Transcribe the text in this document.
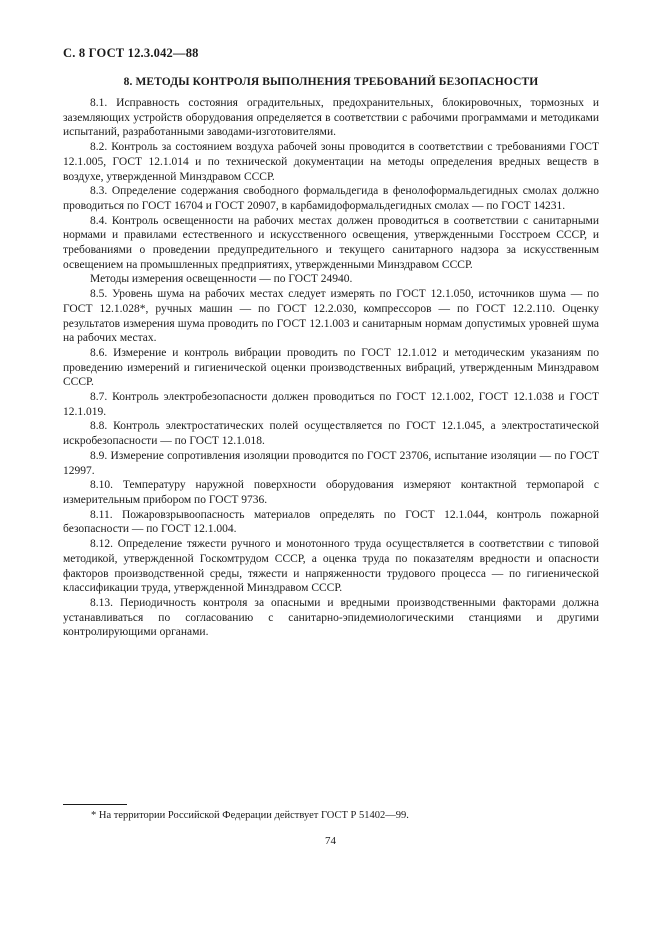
С. 8 ГОСТ 12.3.042—88
8. МЕТОДЫ КОНТРОЛЯ ВЫПОЛНЕНИЯ ТРЕБОВАНИЙ БЕЗОПАСНОСТИ

8.1. Исправность состояния оградительных, предохранительных, блокировочных, тормозных и заземляющих устройств оборудования определяется в соответствии с рабочими программами и методиками испытаний, разработанными заводами-изготовителями.

8.2. Контроль за состоянием воздуха рабочей зоны проводится в соответствии с требованиями ГОСТ 12.1.005, ГОСТ 12.1.014 и по технической документации на методы определения вредных веществ в воздухе, утвержденной Минздравом СССР.

8.3. Определение содержания свободного формальдегида в фенолоформальдегидных смолах должно проводиться по ГОСТ 16704 и ГОСТ 20907, в карбамидоформальдегидных смолах — по ГОСТ 14231.

8.4. Контроль освещенности на рабочих местах должен проводиться в соответствии с санитарными нормами и правилами естественного и искусственного освещения, утвержденными Госстроем СССР, и требованиями о проведении предупредительного и текущего санитарного надзора за искусственным освещением на промышленных предприятиях, утвержденными Минздравом СССР.

Методы измерения освещенности — по ГОСТ 24940.

8.5. Уровень шума на рабочих местах следует измерять по ГОСТ 12.1.050, источников шума — по ГОСТ 12.1.028*, ручных машин — по ГОСТ 12.2.030, компрессоров — по ГОСТ 12.2.110. Оценку результатов измерения шума проводить по ГОСТ 12.1.003 и санитарным нормам допустимых уровней шума на рабочих местах.

8.6. Измерение и контроль вибрации проводить по ГОСТ 12.1.012 и методическим указаниям по проведению измерений и гигиенической оценки производственных вибраций, утвержденным Минздравом СССР.

8.7. Контроль электробезопасности должен проводиться по ГОСТ 12.1.002, ГОСТ 12.1.038 и ГОСТ 12.1.019.

8.8. Контроль электростатических полей осуществляется по ГОСТ 12.1.045, а электростатической искробезопасности — по ГОСТ 12.1.018.

8.9. Измерение сопротивления изоляции проводится по ГОСТ 23706, испытание изоляции — по ГОСТ 12997.

8.10. Температуру наружной поверхности оборудования измеряют контактной термопарой с измерительным прибором по ГОСТ 9736.

8.11. Пожаровзрывоопасность материалов определять по ГОСТ 12.1.044, контроль пожарной безопасности — по ГОСТ 12.1.004.

8.12. Определение тяжести ручного и монотонного труда осуществляется в соответствии с типовой методикой, утвержденной Госкомтрудом СССР, а оценка труда по показателям вредности и опасности факторов производственной среды, тяжести и напряженности трудового процесса — по гигиенической классификации труда, утвержденной Минздравом СССР.

8.13. Периодичность контроля за опасными и вредными производственными факторами должна устанавливаться по согласованию с санитарно-эпидемиологическими станциями и другими контролирующими органами.

* На территории Российской Федерации действует ГОСТ Р 51402—99.
74
